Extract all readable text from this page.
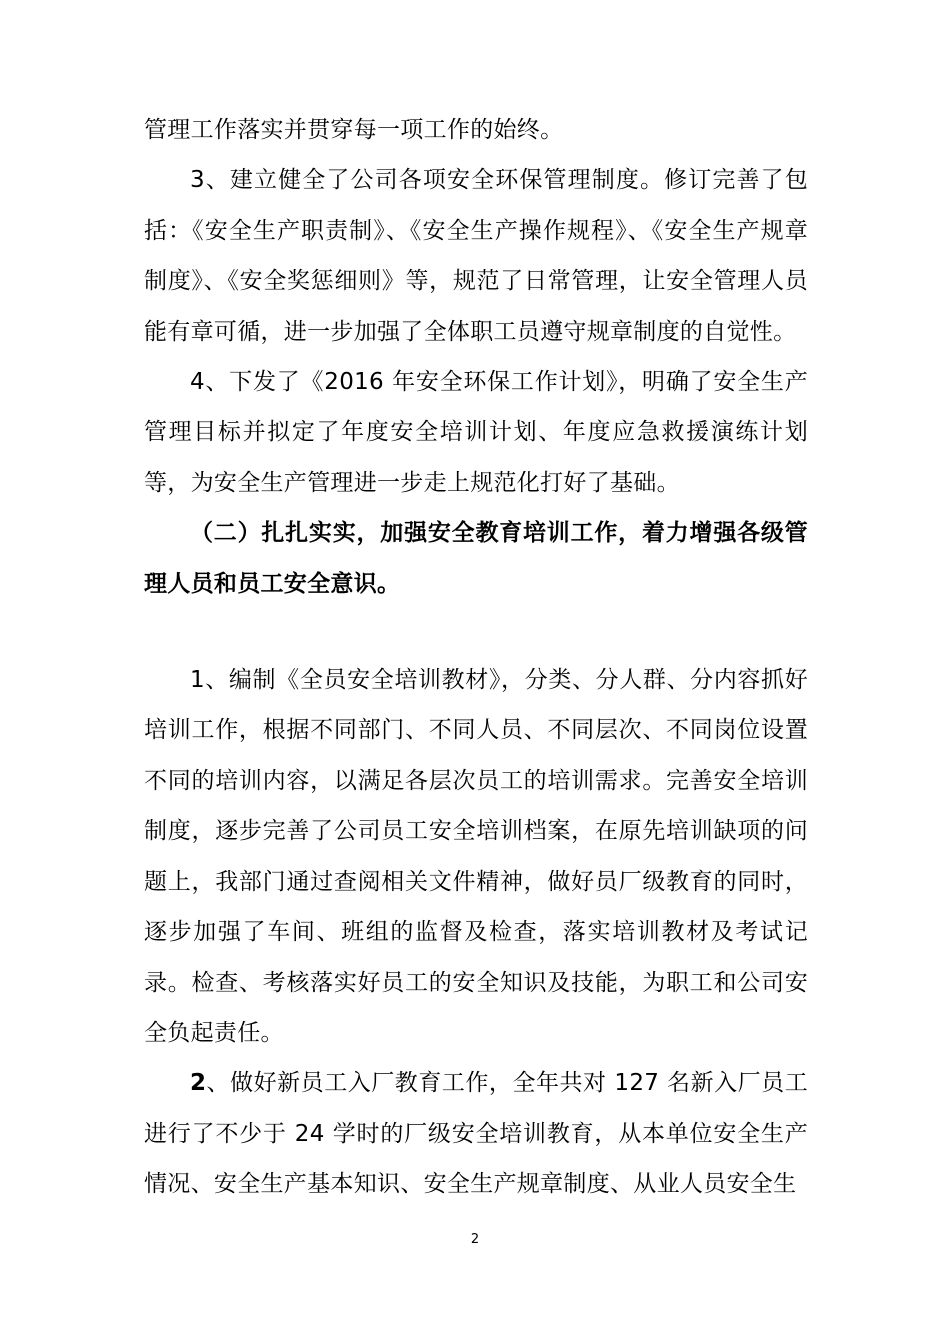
管理工作落实并贯穿每一项工作的始终。

3、建立健全了公司各项安全环保管理制度。修订完善了包括：《安全生产职责制》、《安全生产操作规程》、《安全生产规章制度》、《安全奖惩细则》等，规范了日常管理，让安全管理人员能有章可循，进一步加强了全体职工员遵守规章制度的自觉性。

4、下发了《2016 年安全环保工作计划》，明确了安全生产管理目标并拟定了年度安全培训计划、年度应急救援演练计划等，为安全生产管理进一步走上规范化打好了基础。

（二）扎扎实实，加强安全教育培训工作，着力增强各级管理人员和员工安全意识。

1、编制《全员安全培训教材》，分类、分人群、分内容抓好培训工作，根据不同部门、不同人员、不同层次、不同岗位设置不同的培训内容，以满足各层次员工的培训需求。完善安全培训制度，逐步完善了公司员工安全培训档案，在原先培训缺项的问题上，我部门通过查阅相关文件精神，做好员厂级教育的同时，逐步加强了车间、班组的监督及检查，落实培训教材及考试记录。检查、考核落实好员工的安全知识及技能，为职工和公司安全负起责任。

2、做好新员工入厂教育工作，全年共对 127 名新入厂员工进行了不少于 24 学时的厂级安全培训教育，从本单位安全生产情况、安全生产基本知识、安全生产规章制度、从业人员安全生

2
